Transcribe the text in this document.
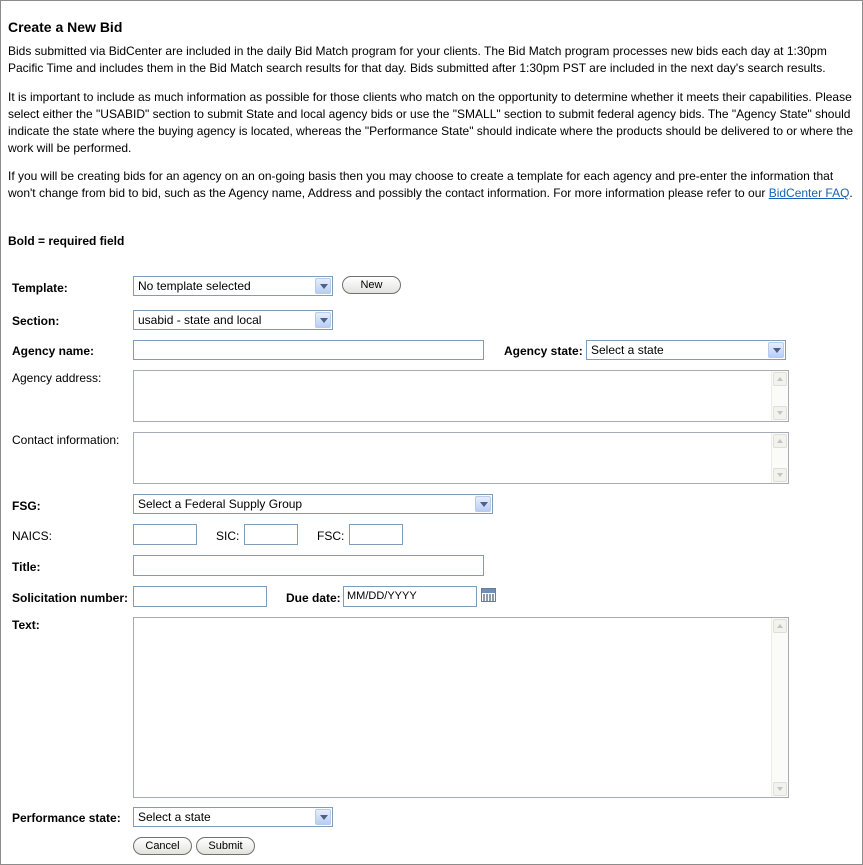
Create a New Bid

Bids submitted via BidCenter are included in the daily Bid Match program for your clients. The Bid Match program processes new bids each day at 1:30pm Pacific Time and includes them in the Bid Match search results for that day. Bids submitted after 1:30pm PST are included in the next day's search results.

It is important to include as much information as possible for those clients who match on the opportunity to determine whether it meets their capabilities. Please select either the "USABID" section to submit State and local agency bids or use the "SMALL" section to submit federal agency bids. The "Agency State" should indicate the state where the buying agency is located, whereas the "Performance State" should indicate where the products should be delivered to or where the work will be performed.

If you will be creating bids for an agency on an on-going basis then you may choose to create a template for each agency and pre-enter the information that won't change from bid to bid, such as the Agency name, Address and possibly the contact information. For more information please refer to our BidCenter FAQ.

Bold = required field
Template:	No template selected	New
Section:	usabid - state and local
Agency name:	Agency state: Select a state
Agency address:
Contact information:
FSG:	Select a Federal Supply Group
NAICS:	SIC:	FSC:
Title:
Solicitation number:	Due date: MM/DD/YYYY
Text:
Performance state: Select a state
Cancel	Submit
